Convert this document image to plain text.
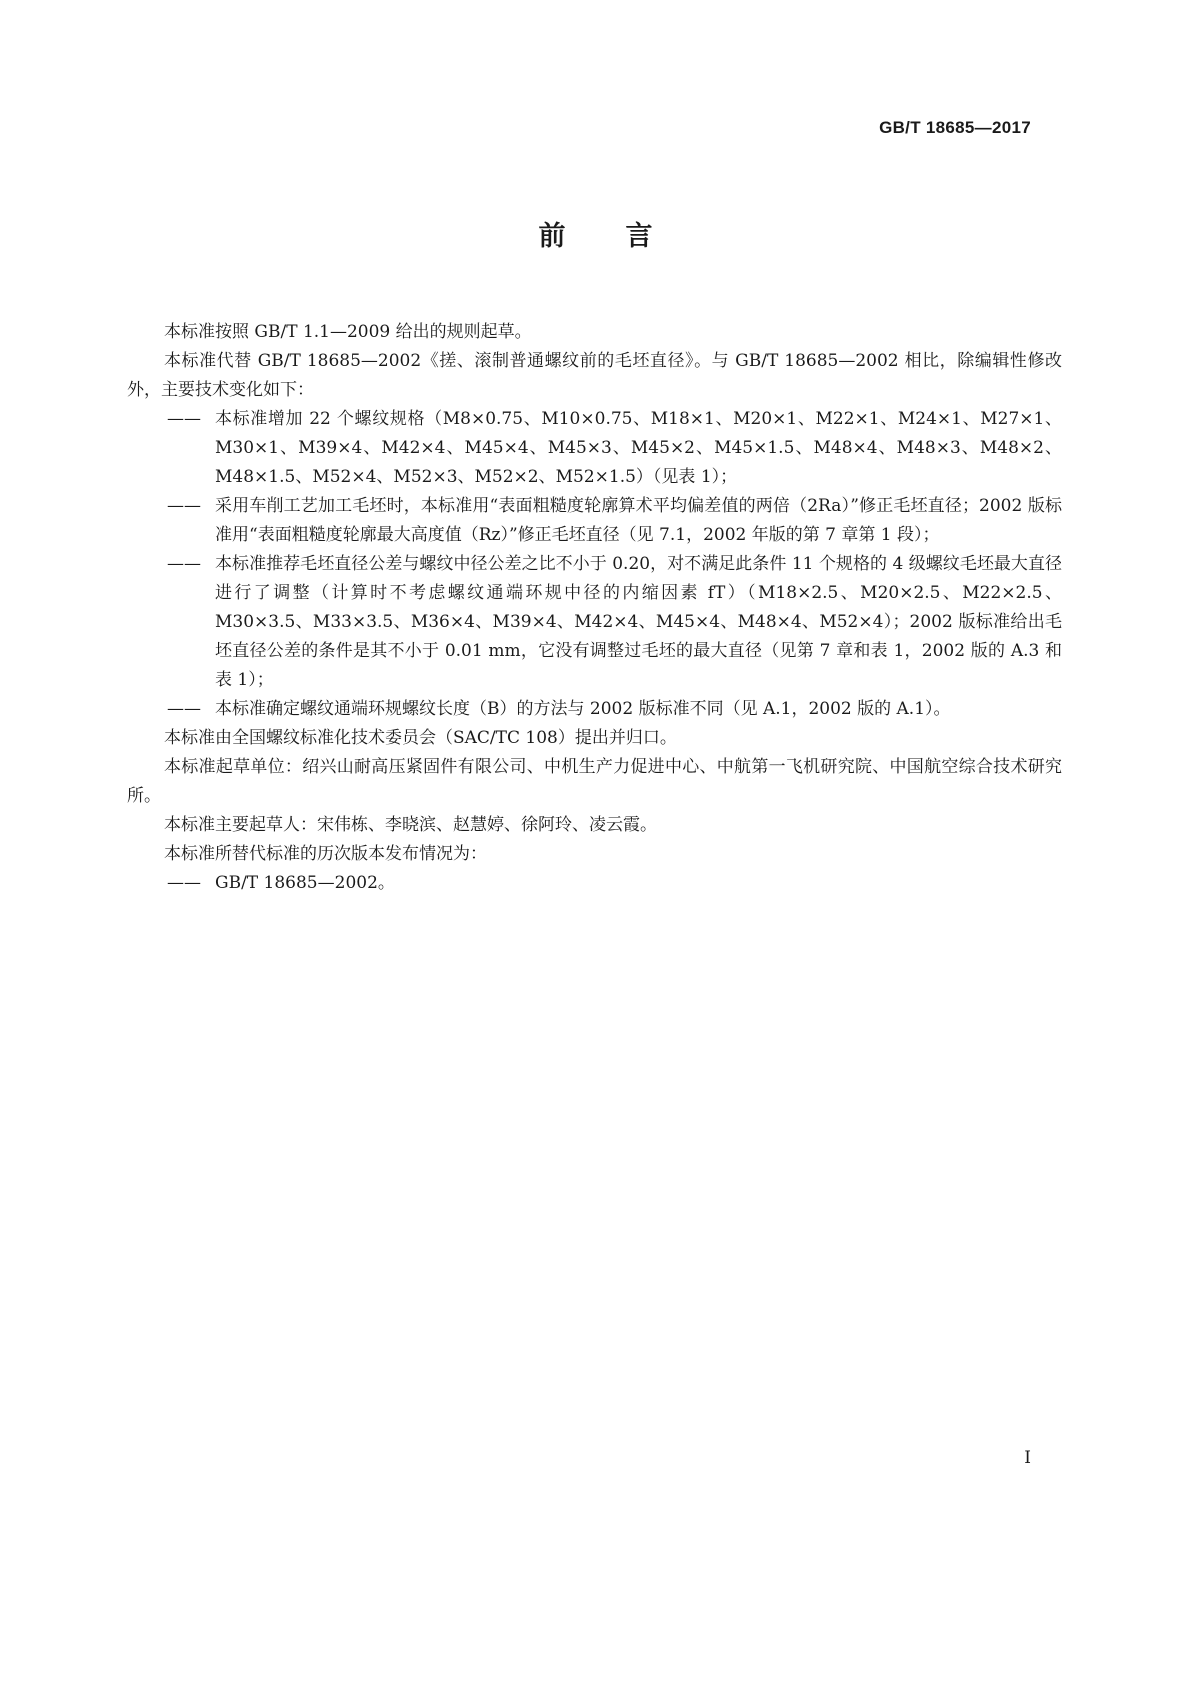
GB/T 18685—2017
前 言

本标准按照 GB/T 1.1—2009 给出的规则起草。

本标准代替 GB/T 18685—2002《搓、滚制普通螺纹前的毛坯直径》。与 GB/T 18685—2002 相比，除编辑性修改外，主要技术变化如下：

—— 本标准增加 22 个螺纹规格（M8×0.75、M10×0.75、M18×1、M20×1、M22×1、M24×1、M27×1、M30×1、M39×4、M42×4、M45×4、M45×3、M45×2、M45×1.5、M48×4、M48×3、M48×2、M48×1.5、M52×4、M52×3、M52×2、M52×1.5）（见表 1）；

—— 采用车削工艺加工毛坯时，本标准用“表面粗糙度轮廓算术平均偏差值的两倍（2Ra）”修正毛坯直径；2002 版标准用“表面粗糙度轮廓最大高度值（Rz）”修正毛坯直径（见 7.1，2002 年版的第 7 章第 1 段）；

—— 本标准推荐毛坯直径公差与螺纹中径公差之比不小于 0.20，对不满足此条件 11 个规格的 4 级螺纹毛坯最大直径进行了调整（计算时不考虑螺纹通端环规中径的内缩因素 fT）（M18×2.5、M20×2.5、M22×2.5、M30×3.5、M33×3.5、M36×4、M39×4、M42×4、M45×4、M48×4、M52×4）；2002 版标准给出毛坯直径公差的条件是其不小于 0.01 mm，它没有调整过毛坯的最大直径（见第 7 章和表 1，2002 版的 A.3 和表 1）；

—— 本标准确定螺纹通端环规螺纹长度（B）的方法与 2002 版标准不同（见 A.1，2002 版的 A.1）。

本标准由全国螺纹标准化技术委员会（SAC/TC 108）提出并归口。

本标准起草单位：绍兴山耐高压紧固件有限公司、中机生产力促进中心、中航第一飞机研究院、中国航空综合技术研究所。

本标准主要起草人：宋伟栋、李晓滨、赵慧婷、徐阿玲、凌云霞。

本标准所替代标准的历次版本发布情况为：

—— GB/T 18685—2002。

I
